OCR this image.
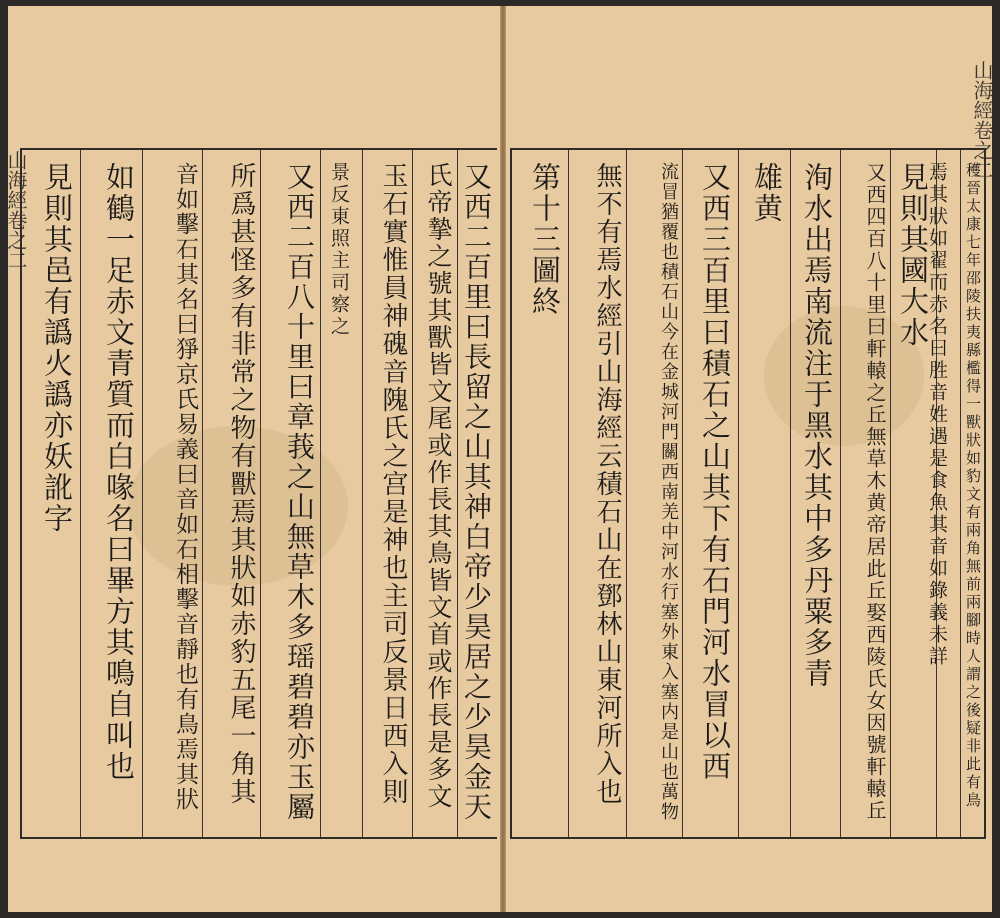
山海經卷之二
山海經卷之二
見則其邑有譌火譌亦妖訛字 如鶴一足赤文青質而白喙名曰畢方其鳴自叫也	音如擊石其名曰猙京氏易義曰音如石相擊音靜也有鳥焉其狀	所爲甚怪多有非常之物有獸焉其狀如赤豹五尾一角其 又西二百八十里曰章莪之山無草木多瑶碧碧亦玉屬 景反東照主司察之	玉石實惟員神磈音隗氏之宫是神也主司反景日西入則 氏帝摯之號其獸皆文尾或作長其鳥皆文首或作長是多文 又西二百里曰長留之山其神白帝少昊居之少昊金天	第十三圖終	無不有焉水經引山海經云積石山在鄧林山東河所入也	流冒猶覆也積石山今在金城河門關西南羌中河水行塞外東入塞内是山也萬物 又西三百里曰積石之山其下有石門河水冒以西 雄黄 洵水出焉南流注于黑水其中多丹粟多青	又西四百八十里曰軒轅之丘無草木黄帝居此丘娶西陵氏女因號軒轅丘 見則其國大水
焉其狀如翟而赤名曰胜音姓遇是食魚其音如錄義未詳	穫晉太康七年邵陵扶夷縣檻得一獸狀如豹文有兩角無前兩腳時人謂之後疑非此有鳥
